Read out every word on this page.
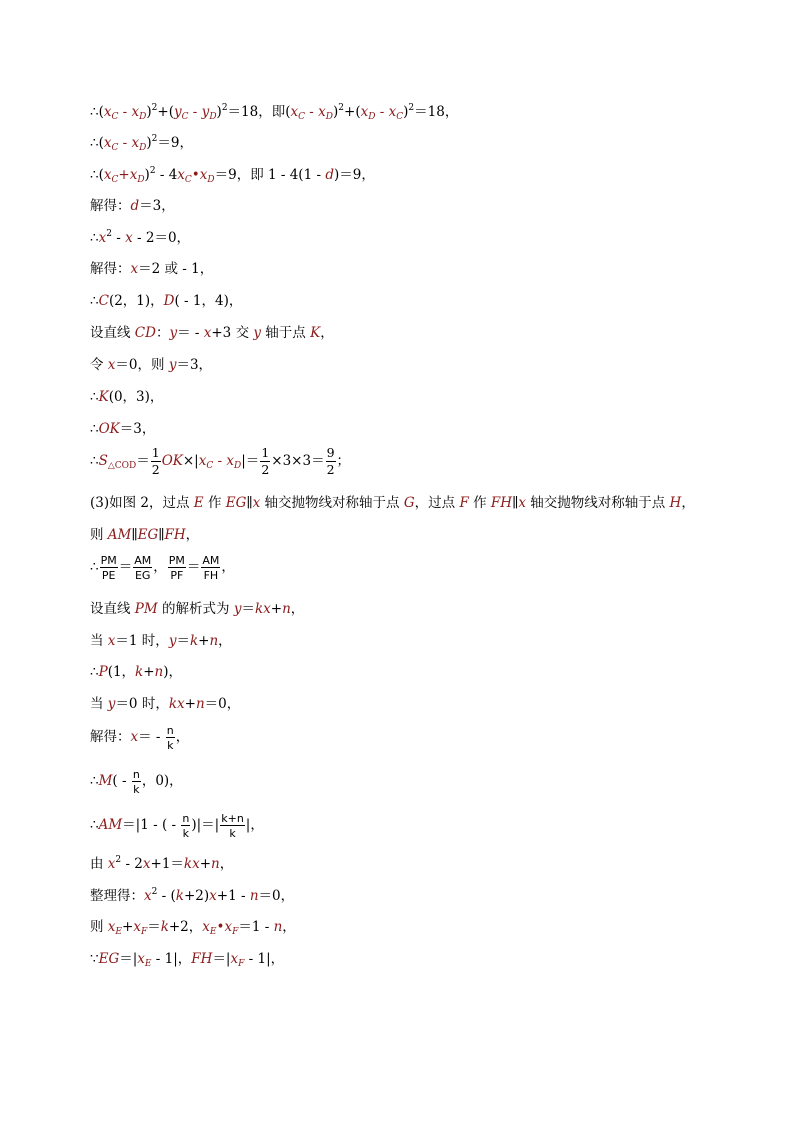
$\therefore(x_C - x_D)^2+(y_C - y_D)^2=18$，即$(x_C - x_D)^2+(x_D - x_C)^2=18$，
$\therefore(x_C - x_D)^2=9$，
$\therefore(x_C+x_D)^2$ - $4x_C•x_D=9$，即 1 - 4(1 - d)＝9，
解得：d＝3，
$\therefore x^2 - x - 2=0$，
解得：x＝2 或 - 1，
∴C(2，1)，D( - 1，4)，
设直线 CD：y＝ - x+3 交 y 轴于点 K，
令 x＝0，则 y＝3，
∴K(0，3)，
∴OK＝3，
$\therefore S_{\triangle COD}= \frac{1}{2} OK\times|x_C - x_D|= \frac{1}{2} \times 3\times 3= \frac{9}{2}$ ；
(3)如图 2，过点 E 作 EG∥x 轴交抛物线对称轴于点 G，过点 F 作 FH∥x 轴交抛物线对称轴于点 H，
则 AM∥EG∥FH，
∴ $\frac{PM}{PE} = \frac{AM}{EG}$ ， $\frac{PM}{PF} = \frac{AM}{FH}$ ，
设直线 PM 的解析式为 y＝kx+n，
当 x＝1 时，y＝k+n，
∴P(1，k+n)，
当 y＝0 时，kx+n＝0，
解得：$x= - \frac{n}{k}$ ，
∴M( - $\frac{n}{k}$ ，0)，
∴AM＝|1 - ( - $\frac{n}{k}$ )|＝| $\frac{k+n}{k}$ |，
由 $x^2 - 2x+1=kx+n$，
整理得：$x^2 - (k+2)x+1 - n=0$，
则 $x_E+x_F=k+2$，$x_E•x_F=1 - n$，
$\because EG=|x_E - 1|$，$FH=|x_F - 1|$，
